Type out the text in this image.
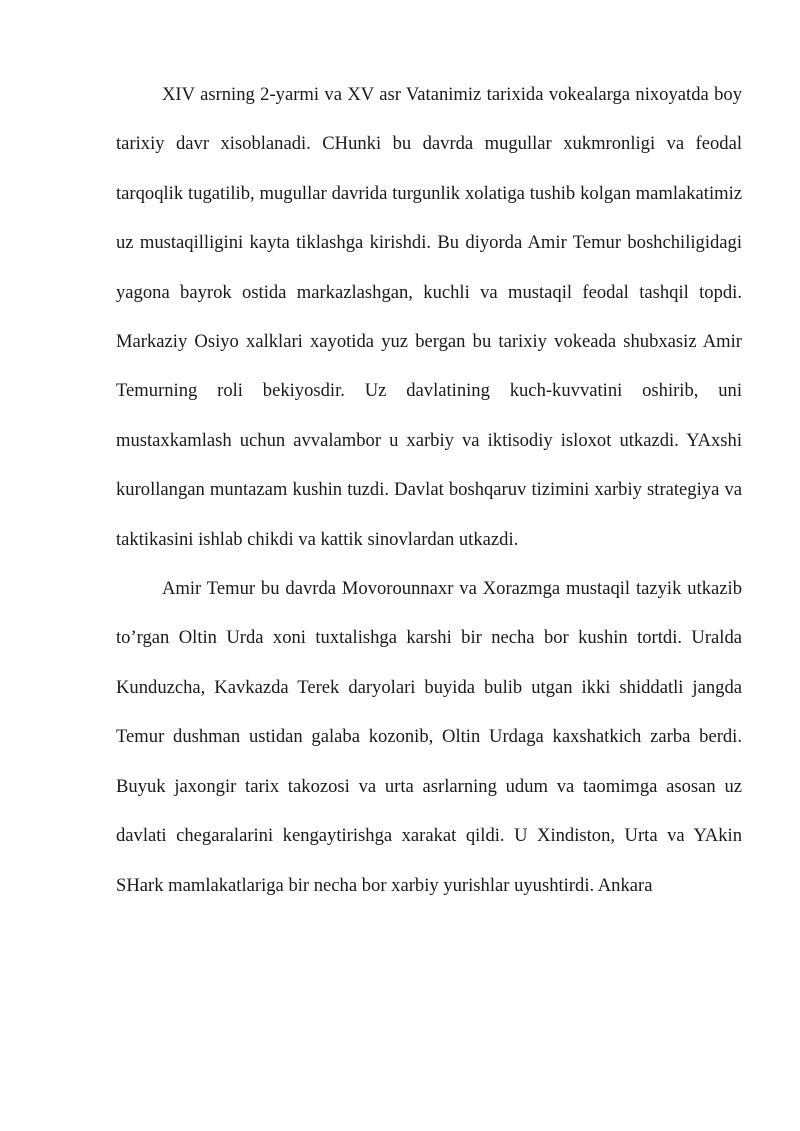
XIV asrning 2-yarmi va XV asr Vatanimiz tarixida vokealarga nixoyatda boy tarixiy davr xisoblanadi. CHunki bu davrda mugullar xukmronligi va feodal tarqoqlik tugatilib, mugullar davrida turgunlik xolatiga tushib kolgan mamlakatimiz uz mustaqilligini kayta tiklashga kirishdi. Bu diyorda Amir Temur boshchiligidagi yagona bayrok ostida markazlashgan, kuchli va mustaqil feodal tashqil topdi. Markaziy Osiyo xalklari xayotida yuz bergan bu tarixiy vokeada shubxasiz Amir Temurning roli bekiyosdir. Uz davlatining kuch-kuvvatini oshirib, uni mustaxkamlash uchun avvalambor u xarbiy va iktisodiy isloxot utkazdi. YAxshi kurollangan muntazam kushin tuzdi. Davlat boshqaruv tizimini xarbiy strategiya va taktikasini ishlab chikdi va kattik sinovlardan utkazdi.

Amir Temur bu davrda Movorounnaxr va Xorazmga mustaqil tazyik utkazib to’rgan Oltin Urda xoni tuxtalishga karshi bir necha bor kushin tortdi. Uralda Kunduzcha, Kavkazda Terek daryolari buyida bulib utgan ikki shiddatli jangda Temur dushman ustidan galaba kozonib, Oltin Urdaga kaxshatkich zarba berdi. Buyuk jaxongir tarix takozosi va urta asrlarning udum va taomimga asosan uz davlati chegaralarini kengaytirishga xarakat qildi. U Xindiston, Urta va YAkin SHark mamlakatlariga bir necha bor xarbiy yurishlar uyushtirdi. Ankara
